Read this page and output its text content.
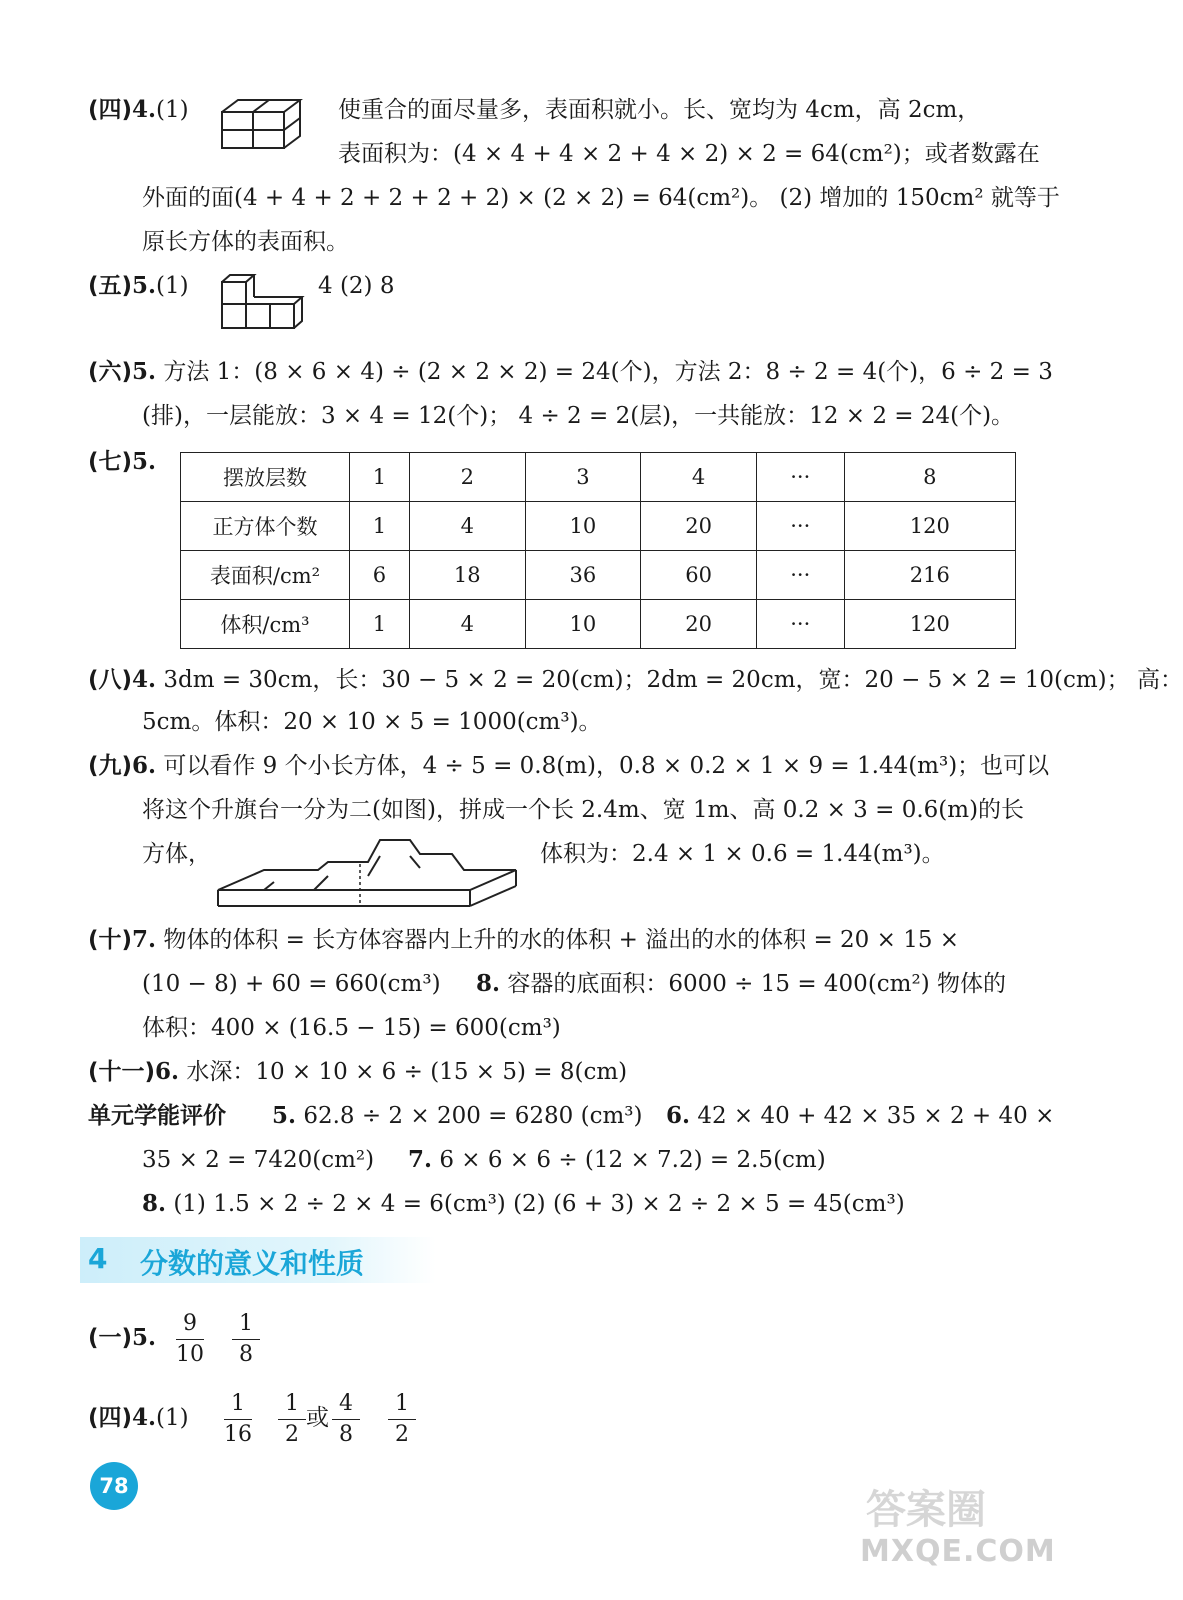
(四)4.(1)	使重合的面尽量多，表面积就小。长、宽均为 4cm，高 2cm，
表面积为：(4 × 4 + 4 × 2 + 4 × 2) × 2 = 64(cm²)；或者数露在
外面的面(4 + 4 + 2 + 2 + 2 + 2) × (2 × 2) = 64(cm²)。 (2) 增加的 150cm² 就等于
原长方体的表面积。
(五)5.(1)	4 (2) 8
(六)5. 方法 1：(8 × 6 × 4) ÷ (2 × 2 × 2) = 24(个)，方法 2：8 ÷ 2 = 4(个)，6 ÷ 2 = 3
(排)，一层能放：3 × 4 = 12(个)； 4 ÷ 2 = 2(层)，一共能放：12 × 2 = 24(个)。
(七)5.
摆放层数	1	2	3	4	···	8
正方体个数	1	4	10	20	···	120
表面积/cm²	6	18	36	60	···	216
体积/cm³	1	4	10	20	···	120
(八)4. 3dm = 30cm，长：30 − 5 × 2 = 20(cm)；2dm = 20cm，宽：20 − 5 × 2 = 10(cm)； 高：
5cm。体积：20 × 10 × 5 = 1000(cm³)。
(九)6. 可以看作 9 个小长方体，4 ÷ 5 = 0.8(m)，0.8 × 0.2 × 1 × 9 = 1.44(m³)；也可以
将这个升旗台一分为二(如图)，拼成一个长 2.4m、宽 1m、高 0.2 × 3 = 0.6(m)的长
方体，	体积为：2.4 × 1 × 0.6 = 1.44(m³)。
(十)7. 物体的体积 = 长方体容器内上升的水的体积 + 溢出的水的体积 = 20 × 15 ×
(10 − 8) + 60 = 660(cm³) 8. 容器的底面积：6000 ÷ 15 = 400(cm²) 物体的
体积：400 × (16.5 − 15) = 600(cm³)
(十一)6. 水深：10 × 10 × 6 ÷ (15 × 5) = 8(cm)
单元学能评价 5. 62.8 ÷ 2 × 200 = 6280 (cm³) 6. 42 × 40 + 42 × 35 × 2 + 40 ×
35 × 2 = 7420(cm²) 7. 6 × 6 × 6 ÷ (12 × 7.2) = 2.5(cm)
8. (1) 1.5 × 2 ÷ 2 × 4 = 6(cm³) (2) (6 + 3) × 2 ÷ 2 × 5 = 45(cm³)
4 分数的意义和性质
(一)5.
9
10
1
8
(四)4.(1)
1
16
1
2
或
4
8
1
2
78
答案圈
MXQE.COM
